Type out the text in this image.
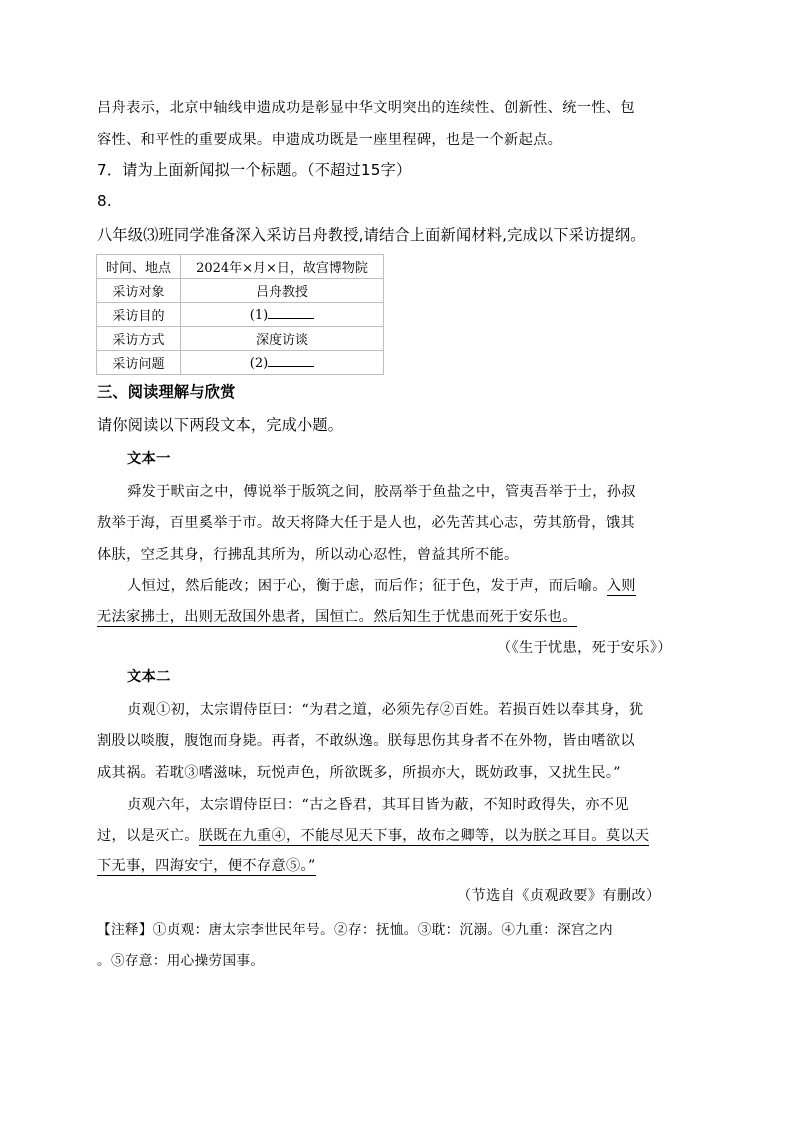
吕舟表示，北京中轴线申遗成功是彰显中华文明突出的连续性、创新性、统一性、包
容性、和平性的重要成果。申遗成功既是一座里程碑，也是一个新起点。
7．请为上面新闻拟一个标题。（不超过15字）
8.
八年级⑶班同学准备深入采访吕舟教授,请结合上面新闻材料,完成以下采访提纲。
时间、地点	2024年×月×日，故宫博物院
采访对象	吕舟教授
采访目的	(1)
采访方式	深度访谈
采访问题	(2)
三、阅读理解与欣赏
请你阅读以下两段文本，完成小题。
文本一
舜发于畎亩之中，傅说举于版筑之间，胶鬲举于鱼盐之中，管夷吾举于士，孙叔
敖举于海，百里奚举于市。故天将降大任于是人也，必先苦其心志，劳其筋骨，饿其
体肤，空乏其身，行拂乱其所为，所以动心忍性，曾益其所不能。
人恒过，然后能改；困于心，衡于虑，而后作；征于色，发于声，而后喻。入则
无法家拂士，出则无敌国外患者，国恒亡。然后知生于忧患而死于安乐也。
（《生于忧患，死于安乐》）
文本二
贞观①初，太宗谓侍臣曰：“为君之道，必须先存②百姓。若损百姓以奉其身，犹
割股以啖腹，腹饱而身毙。再者，不敢纵逸。朕每思伤其身者不在外物，皆由嗜欲以
成其祸。若耽③嗜滋味，玩悦声色，所欲既多，所损亦大，既妨政事，又扰生民。”
贞观六年，太宗谓侍臣曰：“古之昏君，其耳目皆为蔽，不知时政得失，亦不见
过，以是灭亡。朕既在九重④，不能尽见天下事，故布之卿等，以为朕之耳目。莫以天
下无事，四海安宁，便不存意⑤。”
（节选自《贞观政要》有删改）
【注释】①贞观：唐太宗李世民年号。②存：抚恤。③耽：沉溺。④九重：深宫之内
。⑤存意：用心操劳国事。
